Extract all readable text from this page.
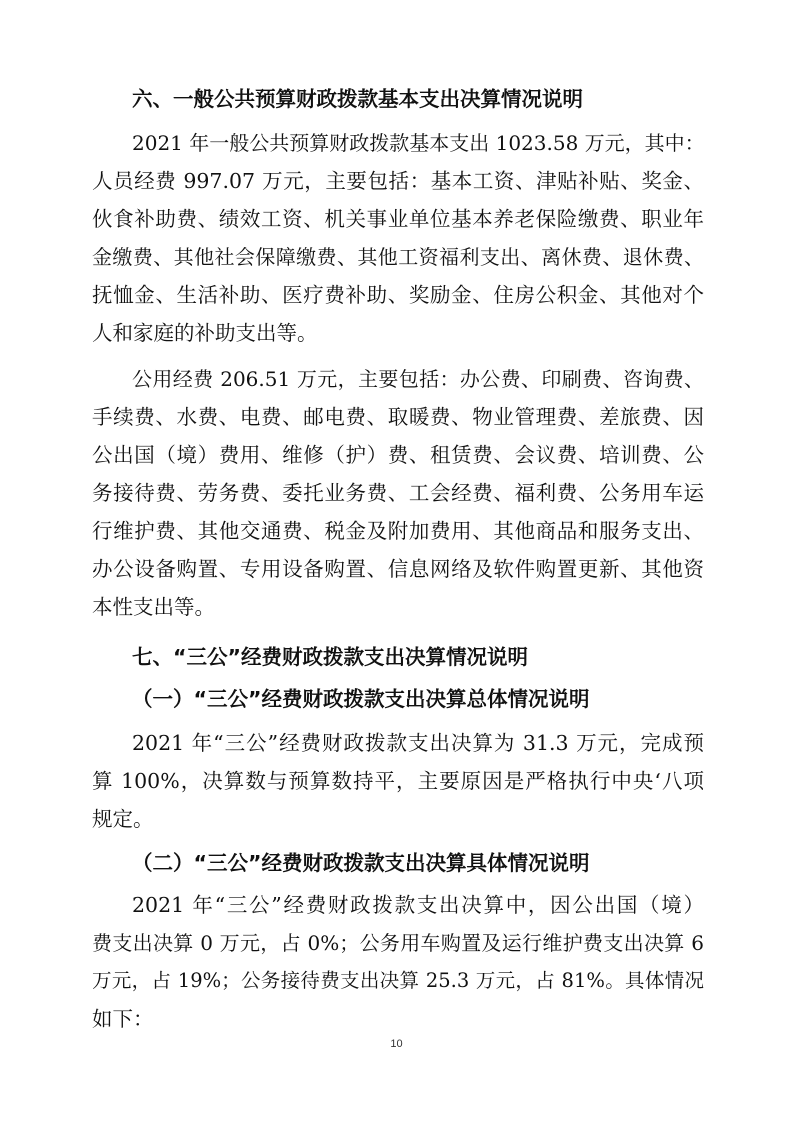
六、一般公共预算财政拨款基本支出决算情况说明
2021 年一般公共预算财政拨款基本支出 1023.58 万元，其中：
人员经费 997.07 万元，主要包括：基本工资、津贴补贴、奖金、
伙食补助费、绩效工资、机关事业单位基本养老保险缴费、职业年
金缴费、其他社会保障缴费、其他工资福利支出、离休费、退休费、
抚恤金、生活补助、医疗费补助、奖励金、住房公积金、其他对个
人和家庭的补助支出等。
公用经费 206.51 万元，主要包括：办公费、印刷费、咨询费、
手续费、水费、电费、邮电费、取暖费、物业管理费、差旅费、因
公出国（境）费用、维修（护）费、租赁费、会议费、培训费、公
务接待费、劳务费、委托业务费、工会经费、福利费、公务用车运
行维护费、其他交通费、税金及附加费用、其他商品和服务支出、
办公设备购置、专用设备购置、信息网络及软件购置更新、其他资
本性支出等。
七、“三公”经费财政拨款支出决算情况说明
（一）“三公”经费财政拨款支出决算总体情况说明
2021 年“三公”经费财政拨款支出决算为 31.3 万元，完成预
算 100%，决算数与预算数持平，主要原因是严格执行中央‘八项
规定。
（二）“三公”经费财政拨款支出决算具体情况说明
2021 年“三公”经费财政拨款支出决算中，因公出国（境）
费支出决算 0 万元，占 0%；公务用车购置及运行维护费支出决算 6
万元，占 19%；公务接待费支出决算 25.3 万元，占 81%。具体情况
如下：
10
